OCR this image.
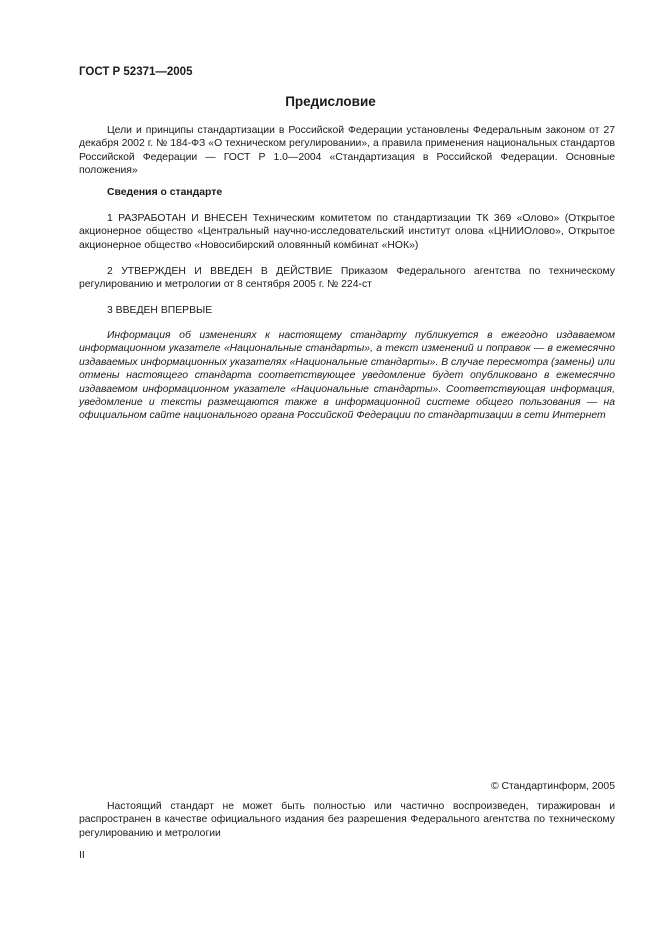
ГОСТ Р 52371—2005
Предисловие
Цели и принципы стандартизации в Российской Федерации установлены Федеральным законом от 27 декабря 2002 г. № 184-ФЗ «О техническом регулировании», а правила применения национальных стандартов Российской Федерации — ГОСТ Р 1.0—2004 «Стандартизация в Российской Федерации. Основные положения»
Сведения о стандарте
1 РАЗРАБОТАН И ВНЕСЕН Техническим комитетом по стандартизации ТК 369 «Олово» (Открытое акционерное общество «Центральный научно-исследовательский институт олова «ЦНИИОлово», Открытое акционерное общество «Новосибирский оловянный комбинат «НОК»)
2 УТВЕРЖДЕН И ВВЕДЕН В ДЕЙСТВИЕ Приказом Федерального агентства по техническому регулированию и метрологии от 8 сентября 2005 г. № 224-ст
3 ВВЕДЕН ВПЕРВЫЕ
Информация об изменениях к настоящему стандарту публикуется в ежегодно издаваемом информационном указателе «Национальные стандарты», а текст изменений и поправок — в ежемесячно издаваемых информационных указателях «Национальные стандарты». В случае пересмотра (замены) или отмены настоящего стандарта соответствующее уведомление будет опубликовано в ежемесячно издаваемом информационном указателе «Национальные стандарты». Соответствующая информация, уведомление и тексты размещаются также в информационной системе общего пользования — на официальном сайте национального органа Российской Федерации по стандартизации в сети Интернет
© Стандартинформ, 2005
Настоящий стандарт не может быть полностью или частично воспроизведен, тиражирован и распространен в качестве официального издания без разрешения Федерального агентства по техническому регулированию и метрологии
II
